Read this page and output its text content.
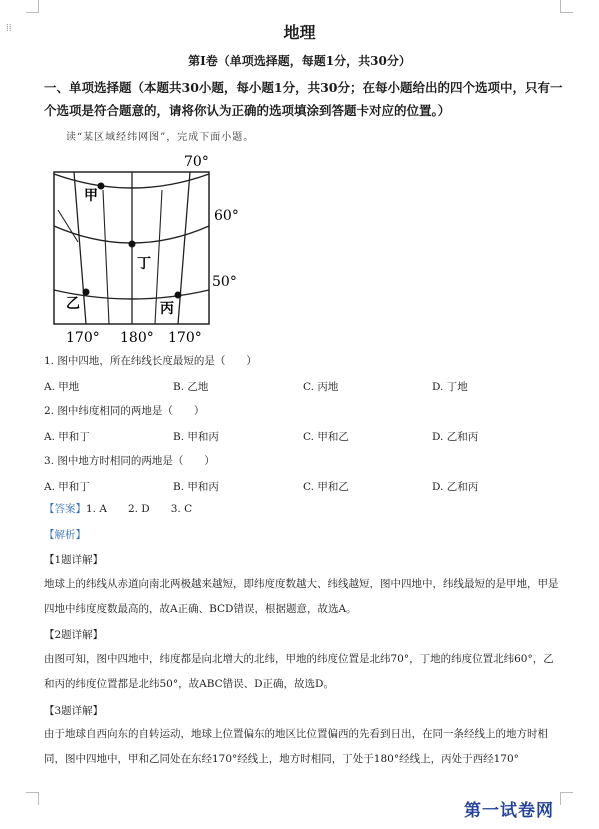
⁞⁞	地理
第Ⅰ卷（单项选择题，每题1分，共30分）
一、单项选择题（本题共30小题，每小题1分，共30分；在每小题给出的四个选项中，只有一个选项是符合题意的，请将你认为正确的选项填涂到答题卡对应的位置。）
读“某区域经纬网图”，完成下面小题。
甲
丁
乙	丙
70°
60°
50°
170° 180° 170°
1. 图中四地，所在纬线长度最短的是（　　）
A. 甲地	B. 乙地	C. 丙地	D. 丁地
2. 图中纬度相同的两地是（　　）
A. 甲和丁	B. 甲和丙	C. 甲和乙	D. 乙和丙
3. 图中地方时相同的两地是（　　）
A. 甲和丁	B. 甲和丙	C. 甲和乙	D. 乙和丙
【答案】1. A　　2. D　　3. C
【解析】
【1题详解】
地球上的纬线从赤道向南北两极越来越短，即纬度度数越大、纬线越短，图中四地中，纬线最短的是甲地，甲是四地中纬度度数最高的，故A正确、BCD错误，根据题意，故选A。
【2题详解】
由图可知，图中四地中，纬度都是向北增大的北纬，甲地的纬度位置是北纬70°，丁地的纬度位置北纬60°，乙和丙的纬度位置都是北纬50°，故ABC错误、D正确，故选D。
【3题详解】
由于地球自西向东的自转运动，地球上位置偏东的地区比位置偏西的先看到日出，在同一条经线上的地方时相同，图中四地中，甲和乙同处在东经170°经线上，地方时相同，丁处于180°经线上，丙处于西经170°
第一试卷网
